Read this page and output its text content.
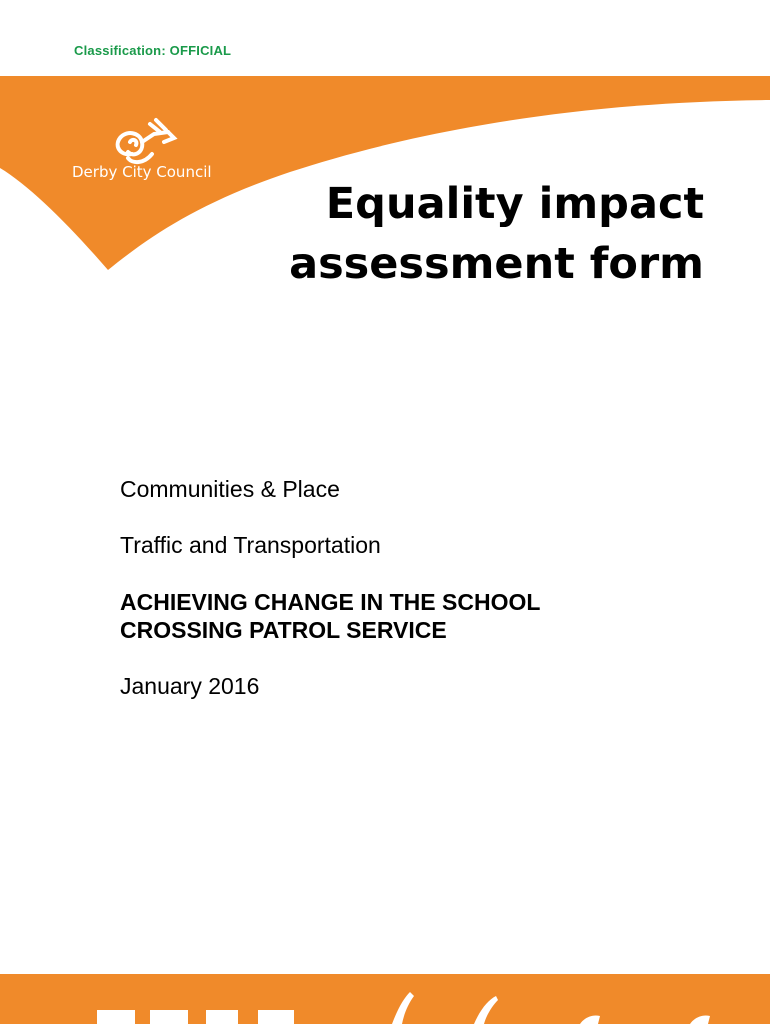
Classification: OFFICIAL
Derby City Council
Equality impact
assessment form

Communities & Place

Traffic and Transportation

ACHIEVING CHANGE IN THE SCHOOL
CROSSING PATROL SERVICE

January 2016
